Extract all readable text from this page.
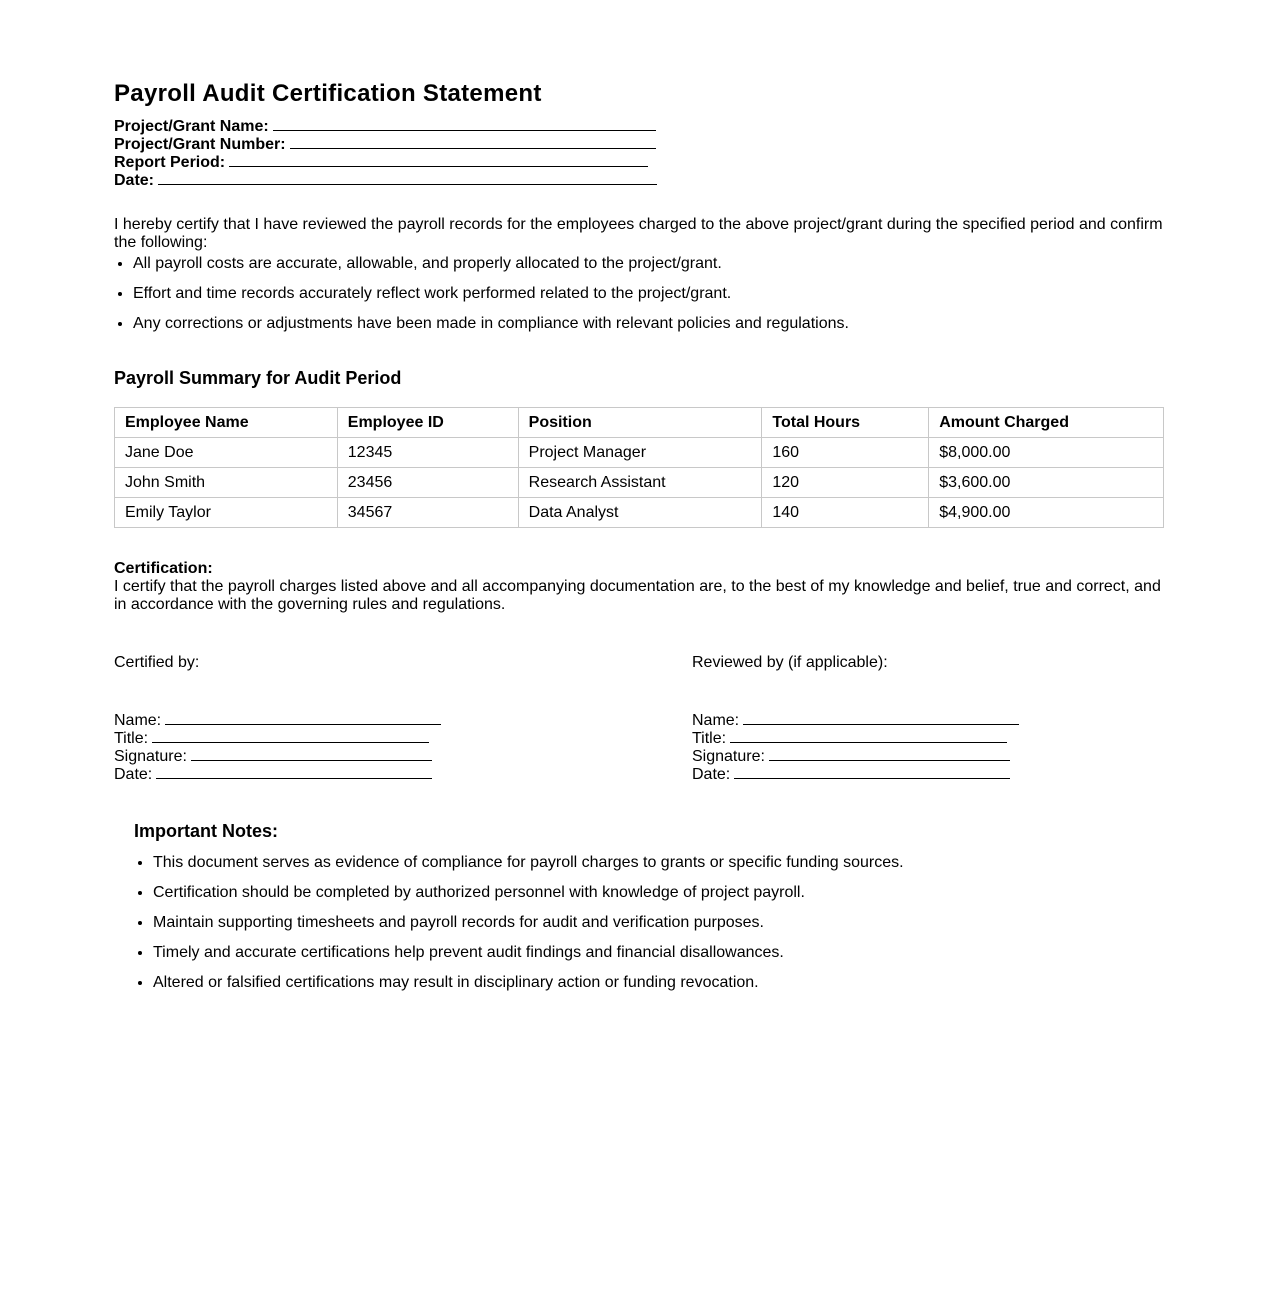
Payroll Audit Certification Statement
Project/Grant Name:
Project/Grant Number:
Report Period:
Date:

I hereby certify that I have reviewed the payroll records for the employees charged to the above project/grant during the specified period and confirm the following:

• All payroll costs are accurate, allowable, and properly allocated to the project/grant.
• Effort and time records accurately reflect work performed related to the project/grant.
• Any corrections or adjustments have been made in compliance with relevant policies and regulations.
Payroll Summary for Audit Period
Employee Name	Employee ID	Position	Total Hours	Amount Charged
Jane Doe	12345	Project Manager	160	$8,000.00
John Smith	23456	Research Assistant	120	$3,600.00
Emily Taylor	34567	Data Analyst	140	$4,900.00
Certification:

I certify that the payroll charges listed above and all accompanying documentation are, to the best of my knowledge and belief, true and correct, and in accordance with the governing rules and regulations.

Certified by:
Name:
Title:
Signature:
Date:
Reviewed by (if applicable):
Name:
Title:
Signature:
Date:
Important Notes:
• This document serves as evidence of compliance for payroll charges to grants or specific funding sources.
• Certification should be completed by authorized personnel with knowledge of project payroll.
• Maintain supporting timesheets and payroll records for audit and verification purposes.
• Timely and accurate certifications help prevent audit findings and financial disallowances.
• Altered or falsified certifications may result in disciplinary action or funding revocation.
